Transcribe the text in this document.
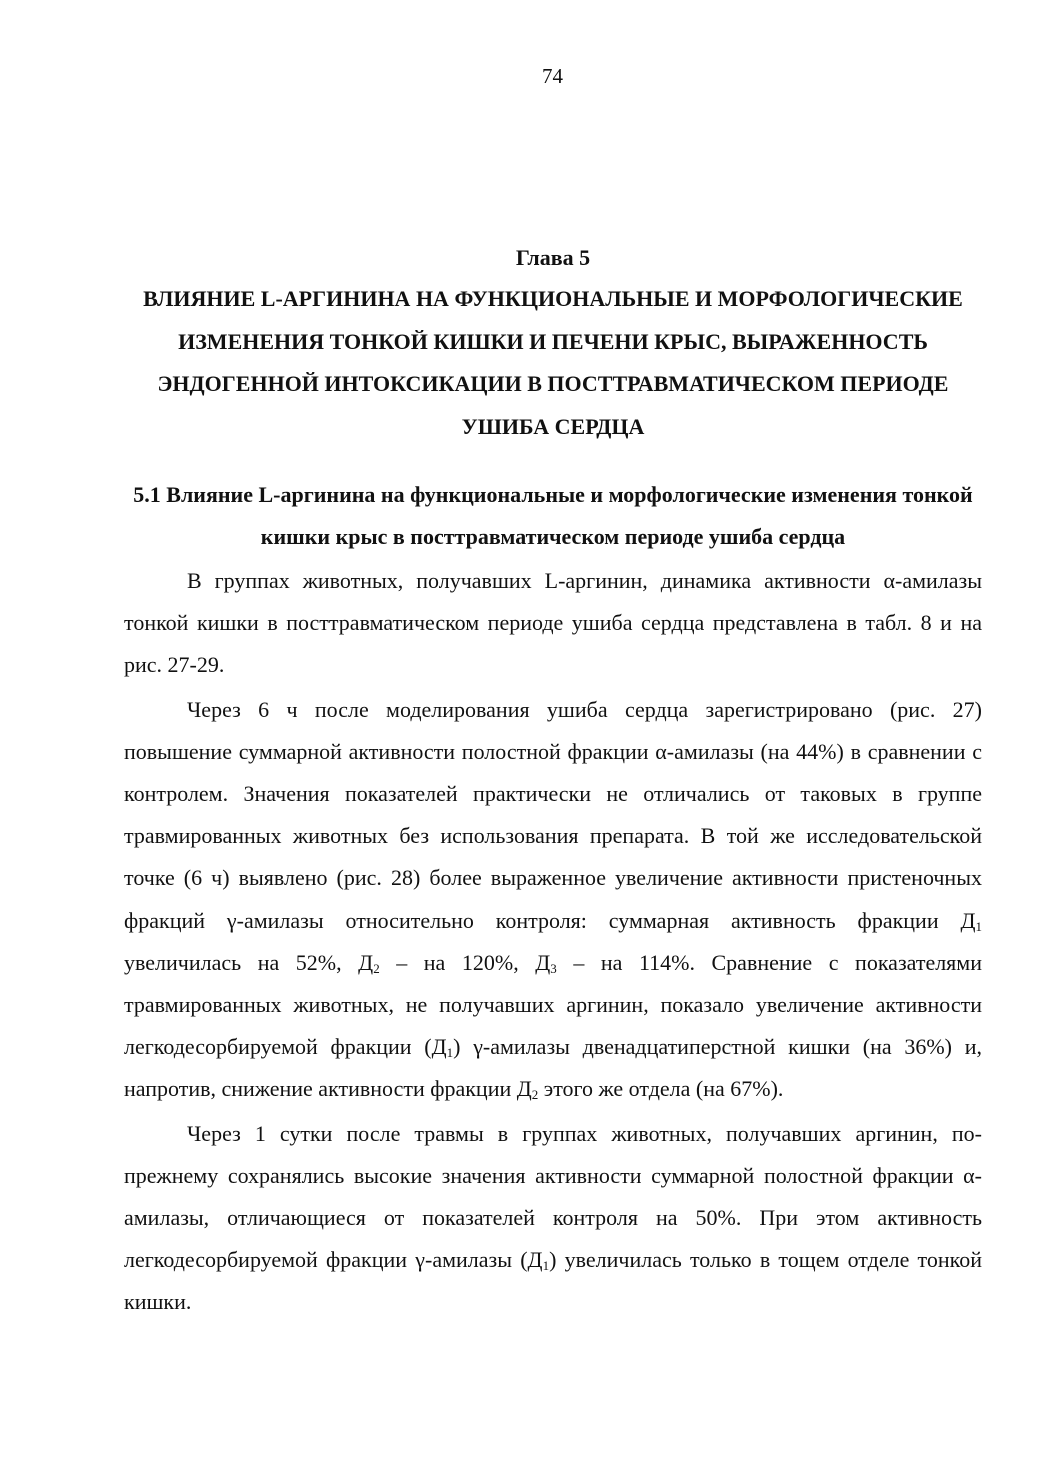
74
Глава 5
ВЛИЯНИЕ L-АРГИНИНА НА ФУНКЦИОНАЛЬНЫЕ И МОРФОЛОГИЧЕСКИЕ ИЗМЕНЕНИЯ ТОНКОЙ КИШКИ И ПЕЧЕНИ КРЫС, ВЫРАЖЕННОСТЬ ЭНДОГЕННОЙ ИНТОКСИКАЦИИ В ПОСТТРАВМАТИЧЕСКОМ ПЕРИОДЕ УШИБА СЕРДЦА
5.1 Влияние L-аргинина на функциональные и морфологические изменения тонкой кишки крыс в посттравматическом периоде ушиба сердца

В группах животных, получавших L-аргинин, динамика активности α-амилазы тонкой кишки в посттравматическом периоде ушиба сердца представлена в табл. 8 и на рис. 27-29.

Через 6 ч после моделирования ушиба сердца зарегистрировано (рис. 27) повышение суммарной активности полостной фракции α-амилазы (на 44%) в сравнении с контролем. Значения показателей практически не отличались от таковых в группе травмированных животных без использования препарата. В той же исследовательской точке (6 ч) выявлено (рис. 28) более выраженное увеличение активности пристеночных фракций γ-амилазы относительно контроля: суммарная активность фракции $Д_1$ увеличилась на 52%, $Д_2$ – на 120%, $Д_3$ – на 114%. Сравнение с показателями травмированных животных, не получавших аргинин, показало увеличение активности легкодесорбируемой фракции $(Д_1)$ γ-амилазы двенадцатиперстной кишки (на 36%) и, напротив, снижение активности фракции $Д_2$ этого же отдела (на 67%).

Через 1 сутки после травмы в группах животных, получавших аргинин, по-прежнему сохранялись высокие значения активности суммарной полостной фракции α-амилазы, отличающиеся от показателей контроля на 50%. При этом активность легкодесорбируемой фракции γ-амилазы $(Д_1)$ увеличилась только в тощем отделе тонкой кишки.
